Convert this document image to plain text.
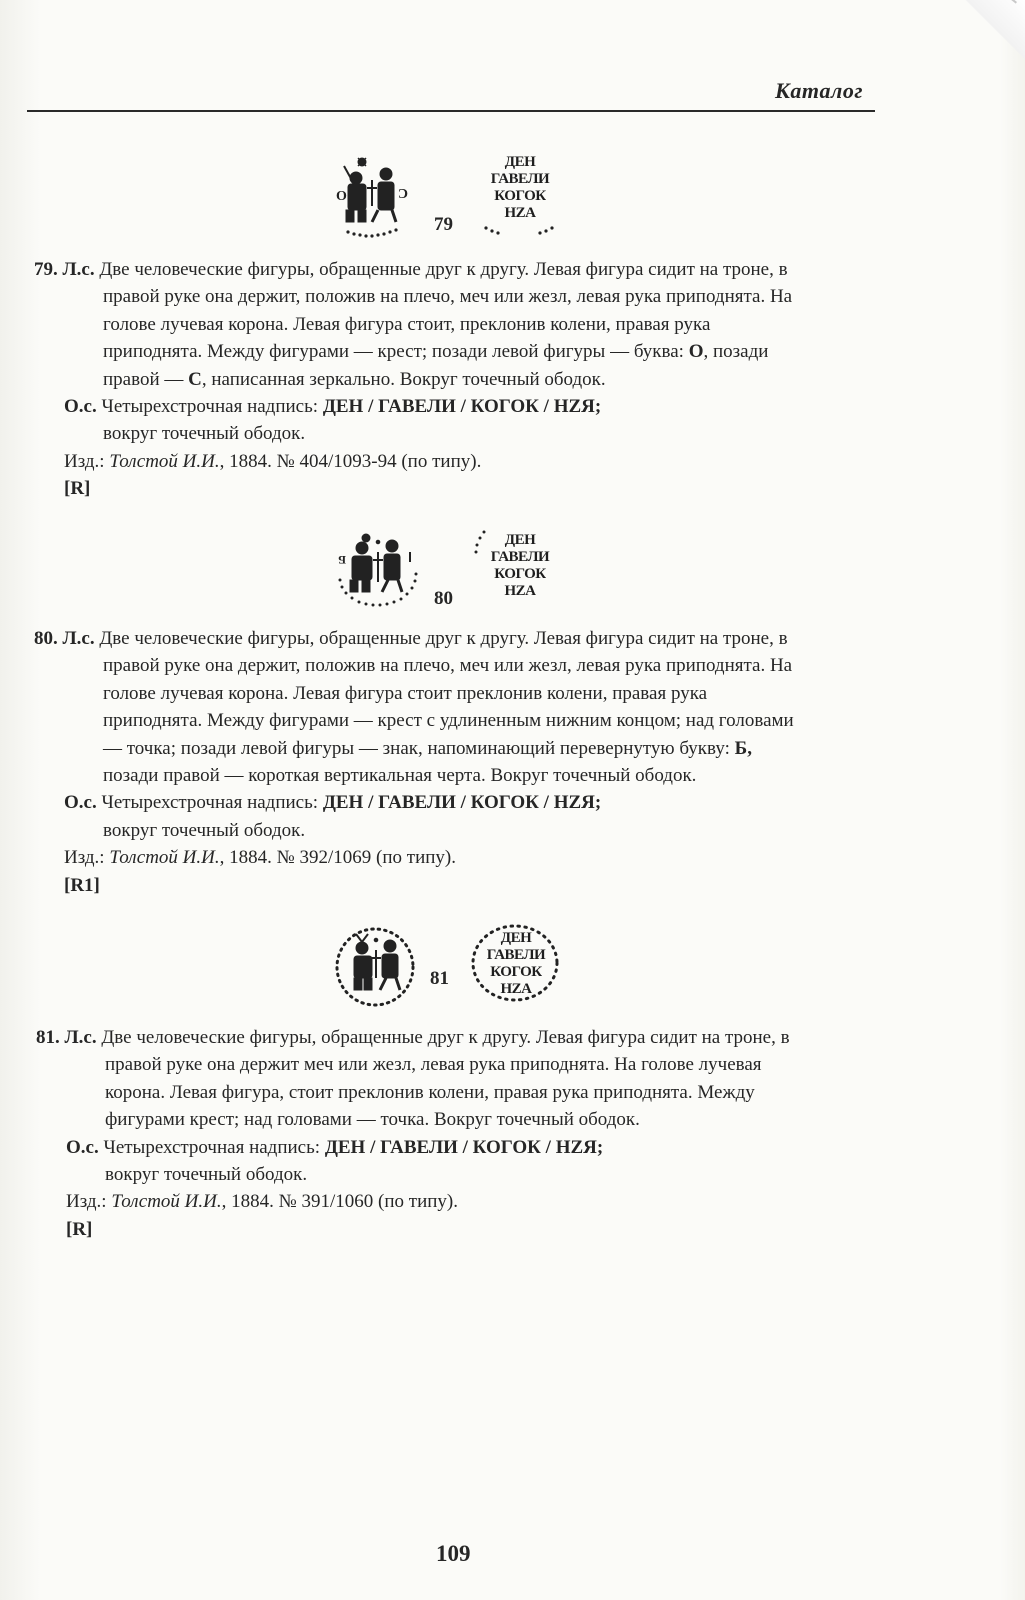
Каталог
О	Ͻ
79
ДЕН
ГАВЕЛИ
КОГОК
НZА
79. Л.с. Две человеческие фигуры, обращенные друг к другу. Левая фигура сидит на троне, в
правой руке она держит, положив на плечо, меч или жезл, левая рука приподнята. На
голове лучевая корона. Левая фигура стоит, преклонив колени, правая рука
приподнята. Между фигурами — крест; позади левой фигуры — буква: О, позади
правой — С, написанная зеркально. Вокруг точечный ободок.
О.с. Четырехстрочная надпись: ДЕН / ГАВЕЛИ / КОГОК / HZЯ;
вокруг точечный ободок.
Изд.: Толстой И.И., 1884. № 404/1093-94 (по типу).
[R]
Б
80
ДЕН
ГАВЕЛИ
КОГОК
НZА
80. Л.с. Две человеческие фигуры, обращенные друг к другу. Левая фигура сидит на троне, в
правой руке она держит, положив на плечо, меч или жезл, левая рука приподнята. На
голове лучевая корона. Левая фигура стоит преклонив колени, правая рука
приподнята. Между фигурами — крест с удлиненным нижним концом; над головами
— точка; позади левой фигуры — знак, напоминающий перевернутую букву: Б,
позади правой — короткая вертикальная черта. Вокруг точечный ободок.
О.с. Четырехстрочная надпись: ДЕН / ГАВЕЛИ / КОГОК / HZЯ;
вокруг точечный ободок.
Изд.: Толстой И.И., 1884. № 392/1069 (по типу).
[R1]
81
ДЕН
ГАВЕЛИ
КОГОК
НZА
81. Л.с. Две человеческие фигуры, обращенные друг к другу. Левая фигура сидит на троне, в
правой руке она держит меч или жезл, левая рука приподнята. На голове лучевая
корона. Левая фигура, стоит преклонив колени, правая рука приподнята. Между
фигурами крест; над головами — точка. Вокруг точечный ободок.
О.с. Четырехстрочная надпись: ДЕН / ГАВЕЛИ / КОГОК / HZЯ;
вокруг точечный ободок.
Изд.: Толстой И.И., 1884. № 391/1060 (по типу).
[R]
109
